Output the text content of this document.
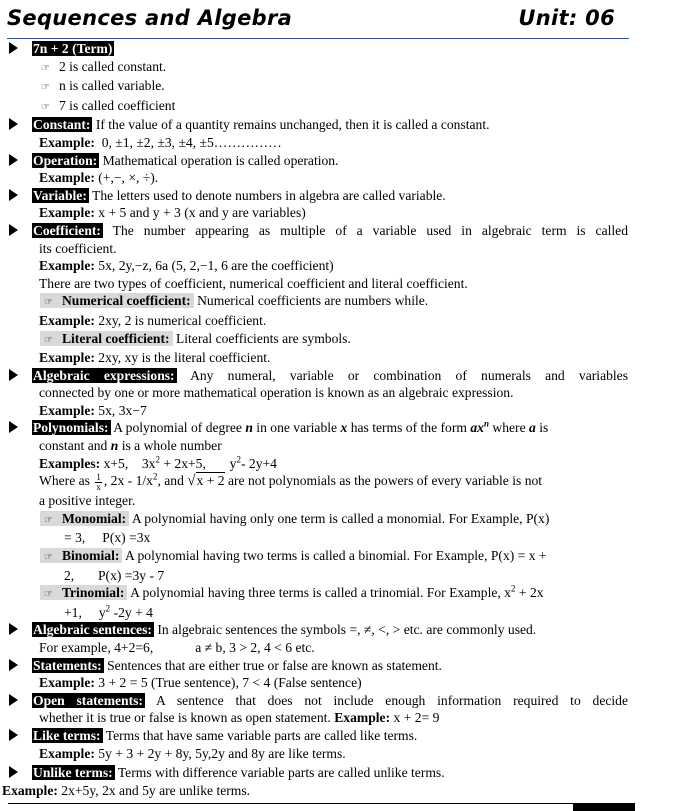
Sequences and Algebra	Unit: 06
7n + 2 (Term)
☞ 2 is called constant.
☞ n is called variable.
☞ 7 is called coefficient
Constant: If the value of a quantity remains unchanged, then it is called a constant.
Example: 0, ±1, ±2, ±3, ±4, ±5……………
Operation: Mathematical operation is called operation.
Example: (+,−, ×, ÷).
Variable: The letters used to denote numbers in algebra are called variable.
Example: x + 5 and y + 3 (x and y are variables)
Coefficient: The number appearing as multiple of a variable used in algebraic term is called
its coefficient.
Example: 5x, 2y,−z, 6a (5, 2,−1, 6 are the coefficient)
There are two types of coefficient, numerical coefficient and literal coefficient.
☞ Numerical coefficient: Numerical coefficients are numbers while.
Example: 2xy, 2 is numerical coefficient.
☞ Literal coefficient: Literal coefficients are symbols.
Example: 2xy, xy is the literal coefficient.
Algebraic expressions: Any numeral, variable or combination of numerals and variables
connected by one or more mathematical operation is known as an algebraic expression.
Example: 5x, 3x−7
Polynomials: A polynomial of degree n in one variable x has terms of the form $ax^n$ where a is
constant and n is a whole number
Examples: x+5, $3x^2 + 2x+5$, $y^2-$ 2y+4
Where as $\frac{1}{x}$ , $2x - 1/x^2$, and √x + 2 are not polynomials as the powers of every variable is not
a positive integer.
☞ Monomial: A polynomial having only one term is called a monomial. For Example, P(x)
= 3,     P(x) =3x
☞ Binomial: A polynomial having two terms is called a binomial. For Example, P(x) = x +
2,       P(x) =3y - 7
☞ Trinomial: A polynomial having three terms is called a trinomial. For Example, $x^2 + 2x$
+1,     $y^2$ -2y + 4
Algebraic sentences: In algebraic sentences the symbols =, ≠, <, > etc. are commonly used.
For example, 4+2=6,	a ≠ b, 3 > 2, 4 < 6 etc.
Statements: Sentences that are either true or false are known as statement.
Example: 3 + 2 = 5 (True sentence), 7 < 4 (False sentence)
Open statements: A sentence that does not include enough information required to decide
whether it is true or false is known as open statement. Example: x + 2= 9
Like terms: Terms that have same variable parts are called like terms.
Example: 5y + 3 + 2y + 8y, 5y,2y and 8y are like terms.
Unlike terms: Terms with difference variable parts are called unlike terms.
Example: 2x+5y, 2x and 5y are unlike terms.
